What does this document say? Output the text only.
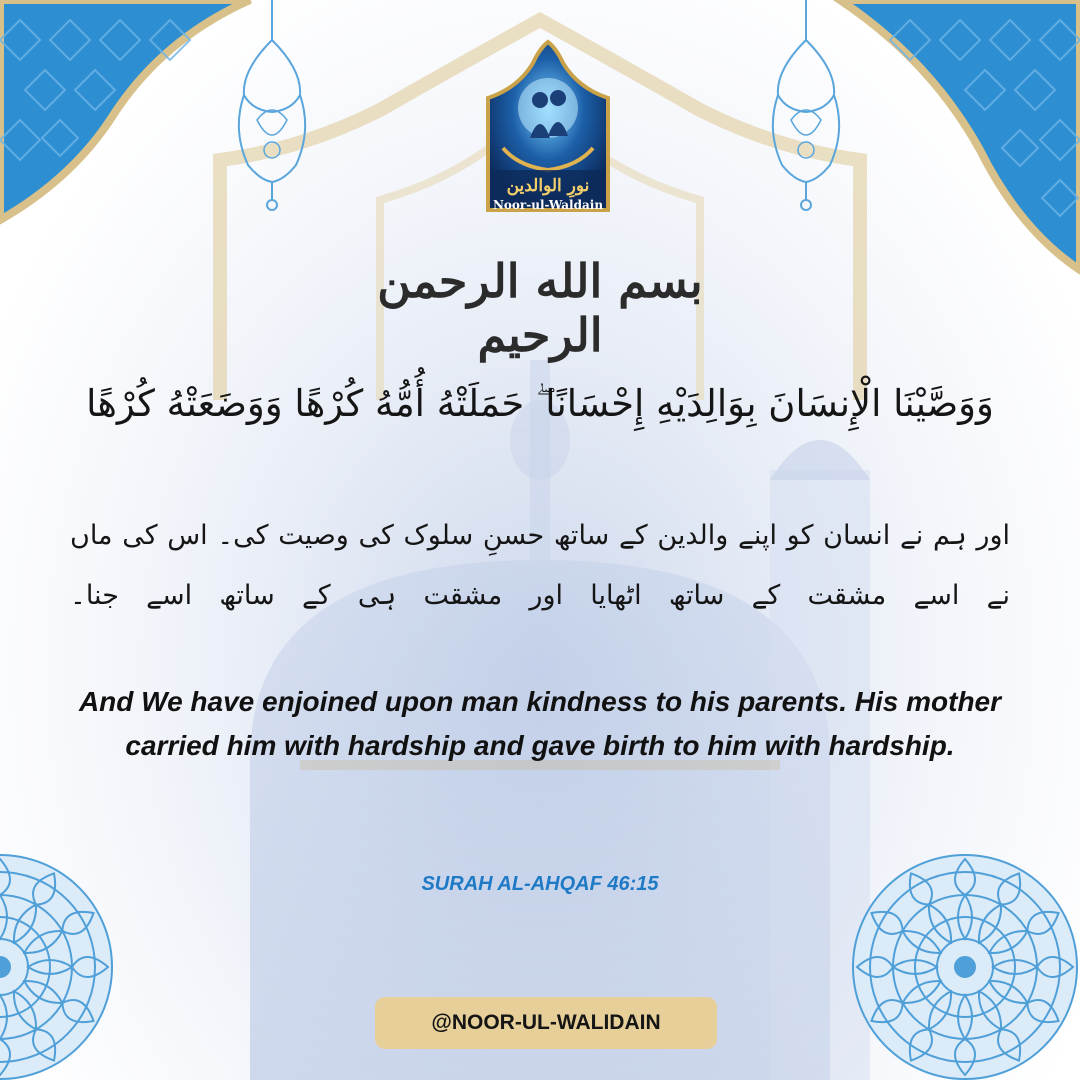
نورِ الوالدین
Noor-ul-Waldain
بسم الله الرحمن الرحيم
وَوَصَّيْنَا الْإِنسَانَ بِوَالِدَيْهِ إِحْسَانًا ۖ حَمَلَتْهُ أُمُّهُ كُرْهًا وَوَضَعَتْهُ كُرْهًا
اور ہم نے انسان کو اپنے والدین کے ساتھ حسنِ سلوک کی وصیت کی۔ اس کی ماں نے اسے مشقت کے ساتھ اٹھایا اور مشقت ہی کے ساتھ اسے جنا۔
And We have enjoined upon man kindness to his parents. His mother carried him with hardship and gave birth to him with hardship.
SURAH AL-AHQAF 46:15
@NOOR-UL-WALIDAIN
